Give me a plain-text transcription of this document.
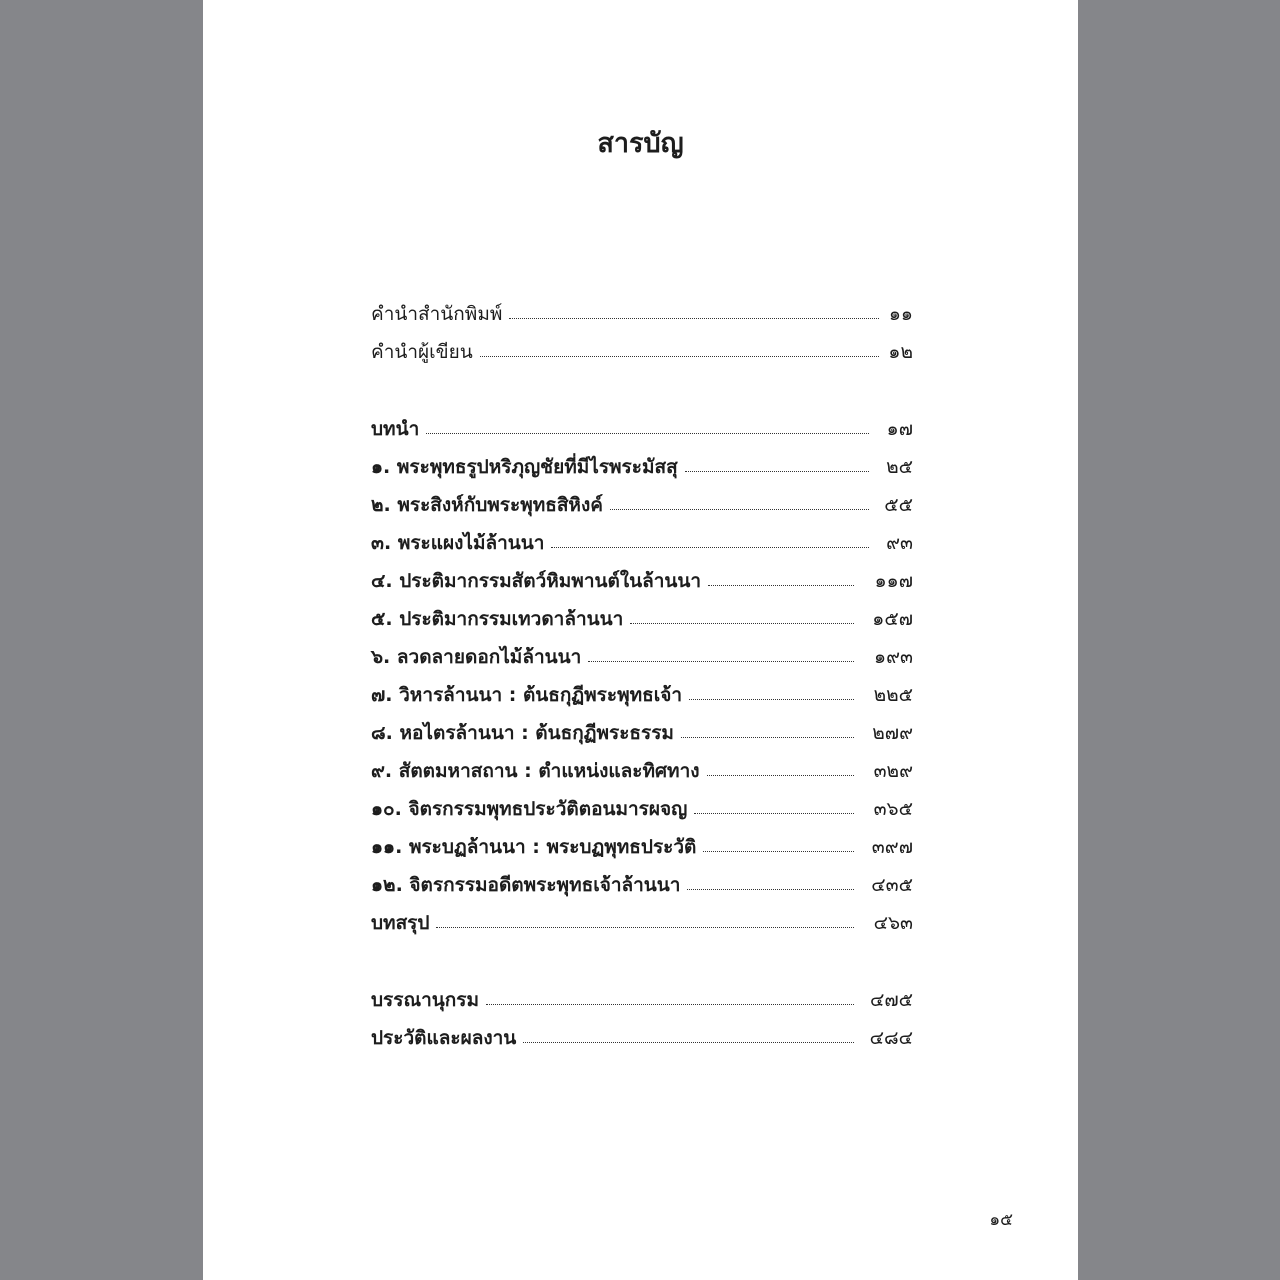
สารบัญ
คำนำสำนักพิมพ์	๑๑
คำนำผู้เขียน	๑๒
บทนำ	๑๗
๑. พระพุทธรูปหริภุญชัยที่มีไรพระมัสสุ	๒๕
๒. พระสิงห์กับพระพุทธสิหิงค์	๕๕
๓. พระแผงไม้ล้านนา	๙๓
๔. ประติมากรรมสัตว์หิมพานต์ในล้านนา	๑๑๗
๕. ประติมากรรมเทวดาล้านนา	๑๕๗
๖. ลวดลายดอกไม้ล้านนา	๑๙๓
๗. วิหารล้านนา : ต้นธกุฏีพระพุทธเจ้า	๒๒๕
๘. หอไตรล้านนา : ต้นธกุฏีพระธรรม	๒๗๙
๙. สัตตมหาสถาน : ตำแหน่งและทิศทาง	๓๒๙
๑๐. จิตรกรรมพุทธประวัติตอนมารผจญ	๓๖๕
๑๑. พระบฏล้านนา : พระบฏพุทธประวัติ	๓๙๗
๑๒. จิตรกรรมอดีตพระพุทธเจ้าล้านนา	๔๓๕
บทสรุป	๔๖๓
บรรณานุกรม	๔๗๕
ประวัติและผลงาน	๔๘๔
๑๕
